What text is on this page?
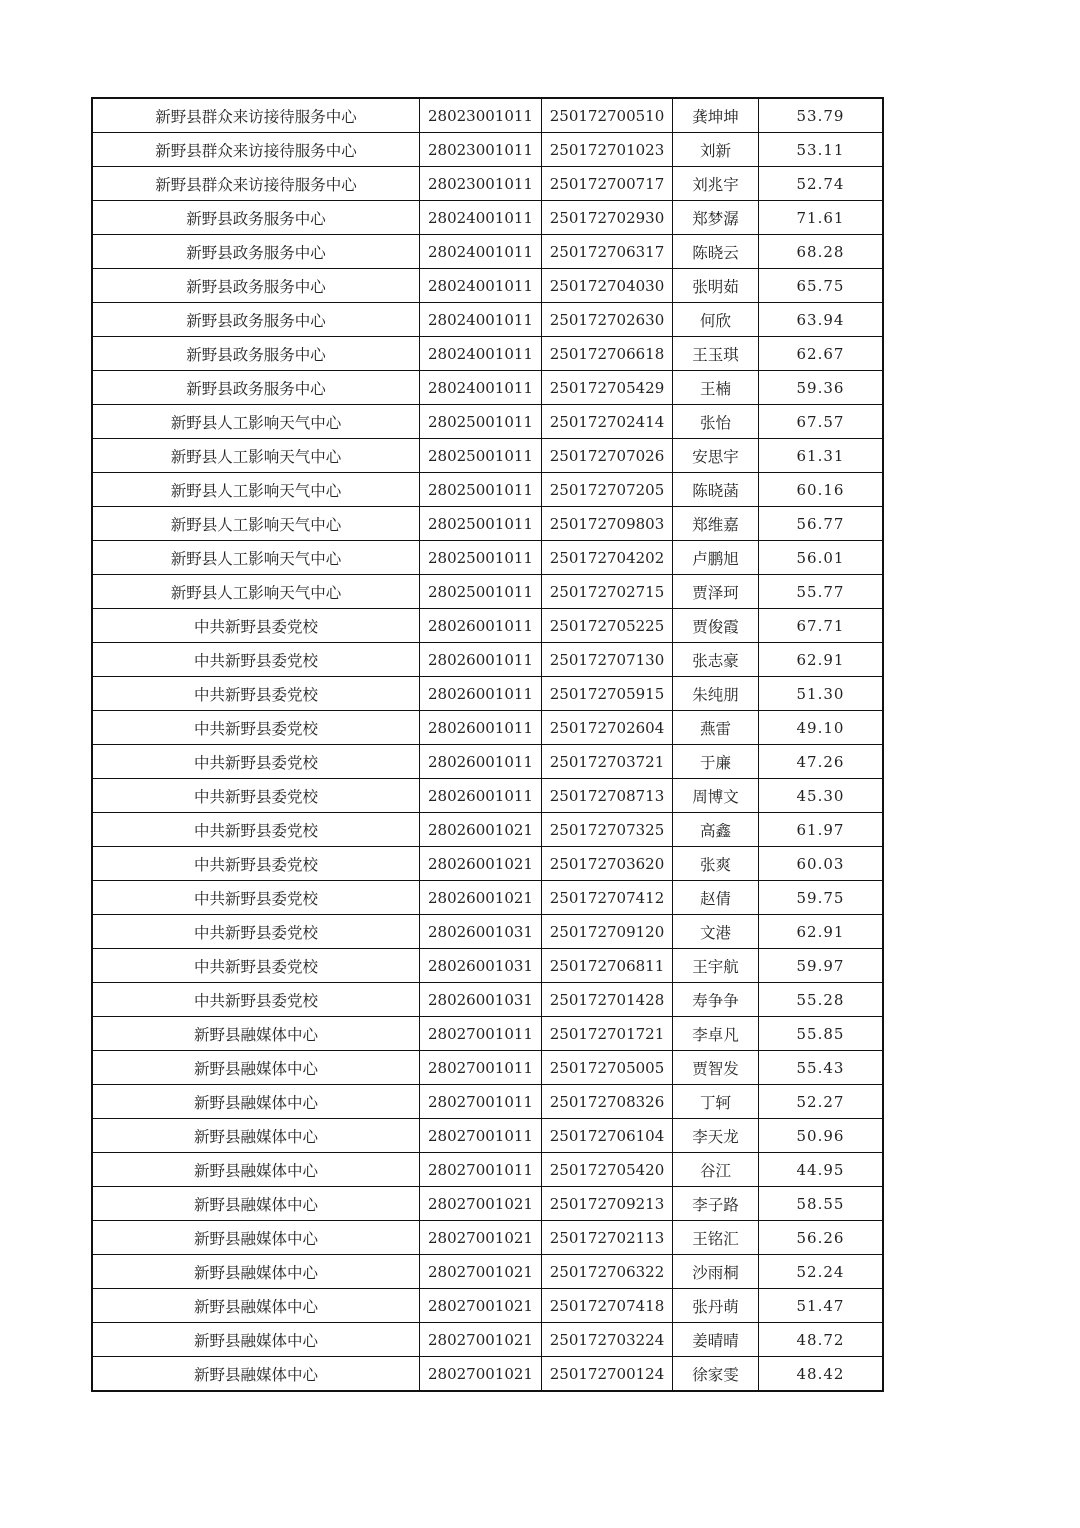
新野县群众来访接待服务中心	28023001011	250172700510	龚坤坤	53.79
新野县群众来访接待服务中心	28023001011	250172701023	刘新	53.11
新野县群众来访接待服务中心	28023001011	250172700717	刘兆宇	52.74
新野县政务服务中心	28024001011	250172702930	郑梦潺	71.61
新野县政务服务中心	28024001011	250172706317	陈晓云	68.28
新野县政务服务中心	28024001011	250172704030	张明茹	65.75
新野县政务服务中心	28024001011	250172702630	何欣	63.94
新野县政务服务中心	28024001011	250172706618	王玉琪	62.67
新野县政务服务中心	28024001011	250172705429	王楠	59.36
新野县人工影响天气中心	28025001011	250172702414	张怡	67.57
新野县人工影响天气中心	28025001011	250172707026	安思宇	61.31
新野县人工影响天气中心	28025001011	250172707205	陈晓菡	60.16
新野县人工影响天气中心	28025001011	250172709803	郑维嘉	56.77
新野县人工影响天气中心	28025001011	250172704202	卢鹏旭	56.01
新野县人工影响天气中心	28025001011	250172702715	贾泽珂	55.77
中共新野县委党校	28026001011	250172705225	贾俊霞	67.71
中共新野县委党校	28026001011	250172707130	张志豪	62.91
中共新野县委党校	28026001011	250172705915	朱纯朋	51.30
中共新野县委党校	28026001011	250172702604	燕雷	49.10
中共新野县委党校	28026001011	250172703721	于廉	47.26
中共新野县委党校	28026001011	250172708713	周博文	45.30
中共新野县委党校	28026001021	250172707325	高鑫	61.97
中共新野县委党校	28026001021	250172703620	张爽	60.03
中共新野县委党校	28026001021	250172707412	赵倩	59.75
中共新野县委党校	28026001031	250172709120	文港	62.91
中共新野县委党校	28026001031	250172706811	王宇航	59.97
中共新野县委党校	28026001031	250172701428	寿争争	55.28
新野县融媒体中心	28027001011	250172701721	李卓凡	55.85
新野县融媒体中心	28027001011	250172705005	贾智发	55.43
新野县融媒体中心	28027001011	250172708326	丁轲	52.27
新野县融媒体中心	28027001011	250172706104	李天龙	50.96
新野县融媒体中心	28027001011	250172705420	谷江	44.95
新野县融媒体中心	28027001021	250172709213	李子路	58.55
新野县融媒体中心	28027001021	250172702113	王铭汇	56.26
新野县融媒体中心	28027001021	250172706322	沙雨桐	52.24
新野县融媒体中心	28027001021	250172707418	张丹萌	51.47
新野县融媒体中心	28027001021	250172703224	姜晴晴	48.72
新野县融媒体中心	28027001021	250172700124	徐家雯	48.42
